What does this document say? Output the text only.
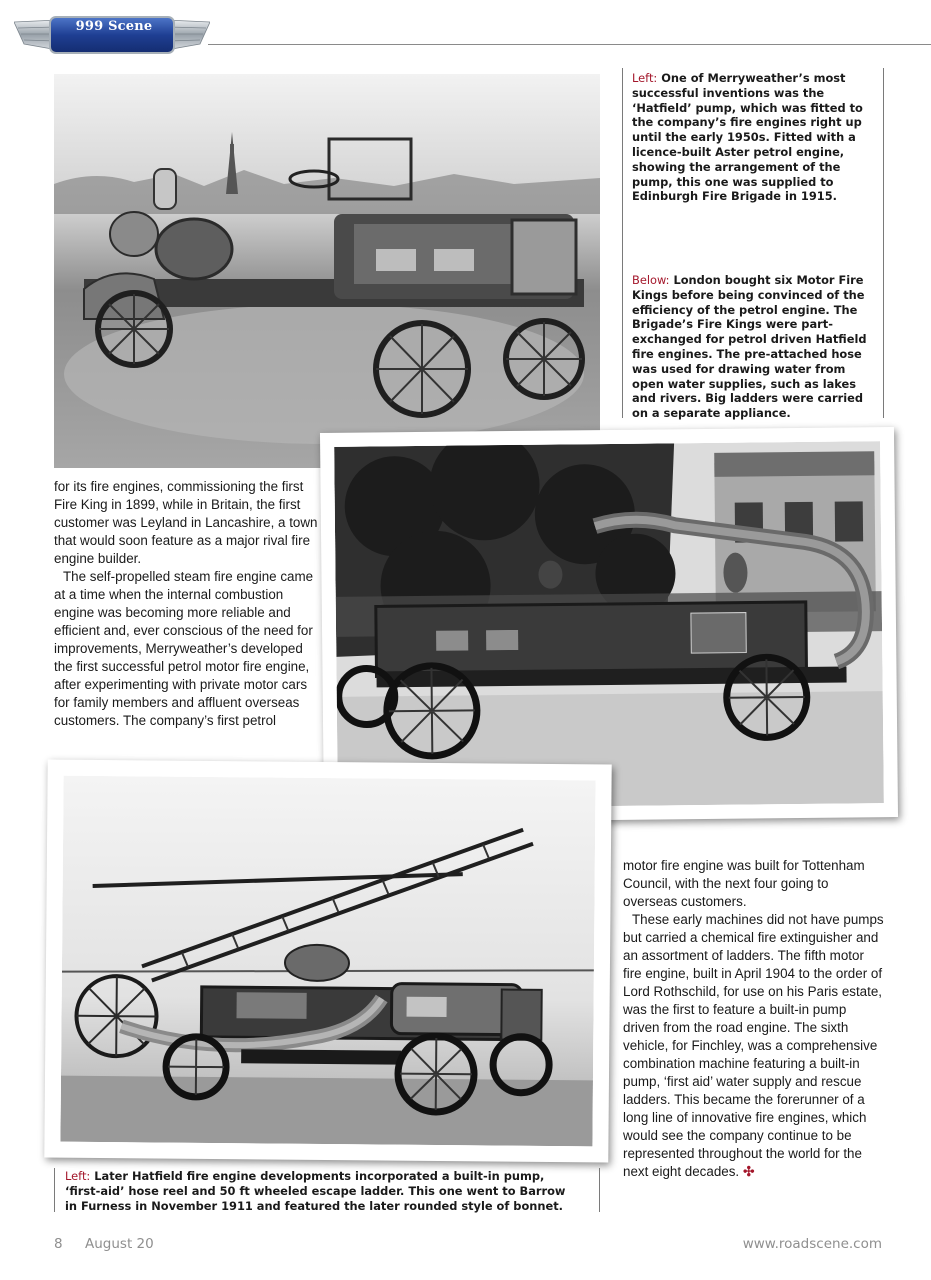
999 Scene
Left: One of Merryweather’s most successful inventions was the ‘Hatfield’ pump, which was fitted to the company’s fire engines right up until the early 1950s. Fitted with a licence-built Aster petrol engine, showing the arrangement of the pump, this one was supplied to Edinburgh Fire Brigade in 1915.
Below: London bought six Motor Fire Kings before being convinced of the efficiency of the petrol engine. The Brigade’s Fire Kings were part-exchanged for petrol driven Hatfield fire engines. The pre-attached hose was used for drawing water from open water supplies, such as lakes and rivers. Big ladders were carried on a separate appliance.

for its fire engines, commissioning the first Fire King in 1899, while in Britain, the first customer was Leyland in Lancashire, a town that would soon feature as a major rival fire engine builder.

The self-propelled steam fire engine came at a time when the internal combustion engine was becoming more reliable and efficient and, ever conscious of the need for improvements, Merryweather’s developed the first successful petrol motor fire engine, after experimenting with private motor cars for family members and affluent overseas customers. The company’s first petrol

Left: Later Hatfield fire engine developments incorporated a built-in pump, ‘first-aid’ hose reel and 50 ft wheeled escape ladder. This one went to Barrow in Furness in November 1911 and featured the later rounded style of bonnet.

motor fire engine was built for Tottenham Council, with the next four going to overseas customers.

These early machines did not have pumps but carried a chemical fire extinguisher and an assortment of ladders. The fifth motor fire engine, built in April 1904 to the order of Lord Rothschild, for use on his Paris estate, was the first to feature a built-in pump driven from the road engine. The sixth vehicle, for Finchley, was a comprehensive combination machine featuring a built-in pump, ‘first aid’ water supply and rescue ladders. This became the forerunner of a long line of innovative fire engines, which would see the company continue to be represented throughout the world for the next eight decades. ✣

8 August 20	www.roadscene.com
